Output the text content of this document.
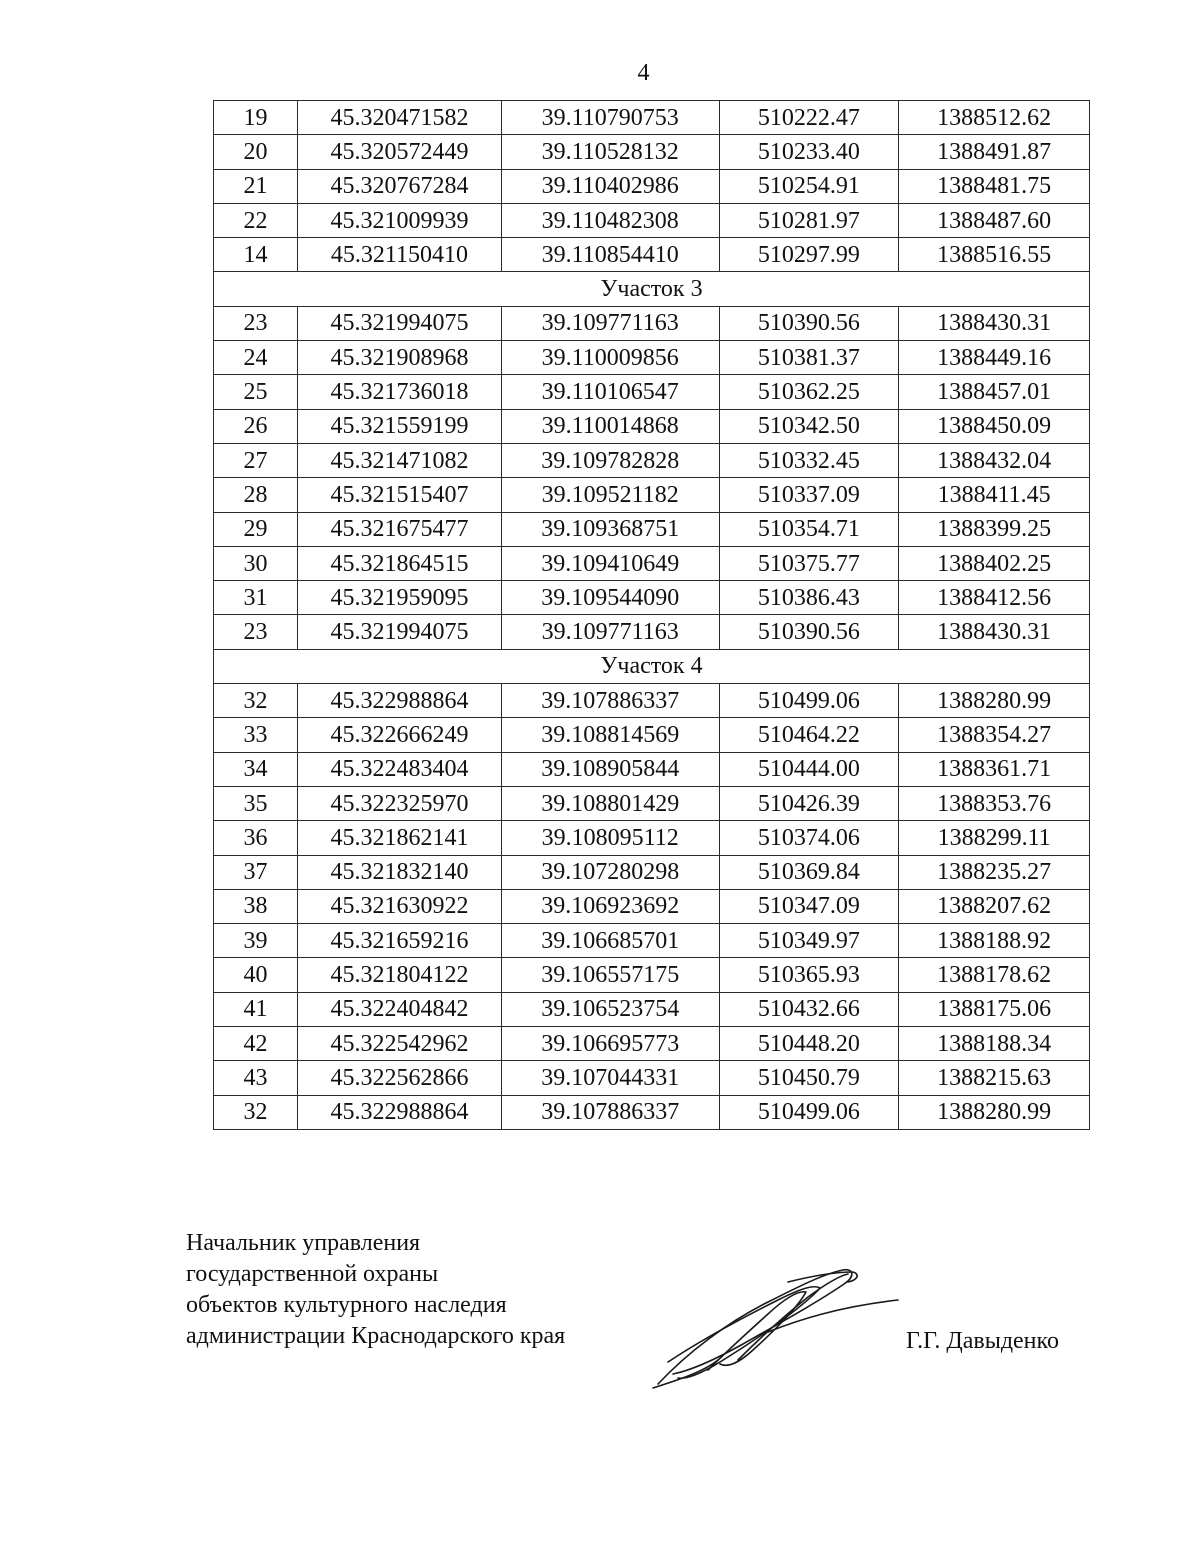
4
19	45.320471582	39.110790753	510222.47	1388512.62
20	45.320572449	39.110528132	510233.40	1388491.87
21	45.320767284	39.110402986	510254.91	1388481.75
22	45.321009939	39.110482308	510281.97	1388487.60
14	45.321150410	39.110854410	510297.99	1388516.55
Участок 3				
23	45.321994075	39.109771163	510390.56	1388430.31
24	45.321908968	39.110009856	510381.37	1388449.16
25	45.321736018	39.110106547	510362.25	1388457.01
26	45.321559199	39.110014868	510342.50	1388450.09
27	45.321471082	39.109782828	510332.45	1388432.04
28	45.321515407	39.109521182	510337.09	1388411.45
29	45.321675477	39.109368751	510354.71	1388399.25
30	45.321864515	39.109410649	510375.77	1388402.25
31	45.321959095	39.109544090	510386.43	1388412.56
23	45.321994075	39.109771163	510390.56	1388430.31
Участок 4				
32	45.322988864	39.107886337	510499.06	1388280.99
33	45.322666249	39.108814569	510464.22	1388354.27
34	45.322483404	39.108905844	510444.00	1388361.71
35	45.322325970	39.108801429	510426.39	1388353.76
36	45.321862141	39.108095112	510374.06	1388299.11
37	45.321832140	39.107280298	510369.84	1388235.27
38	45.321630922	39.106923692	510347.09	1388207.62
39	45.321659216	39.106685701	510349.97	1388188.92
40	45.321804122	39.106557175	510365.93	1388178.62
41	45.322404842	39.106523754	510432.66	1388175.06
42	45.322542962	39.106695773	510448.20	1388188.34
43	45.322562866	39.107044331	510450.79	1388215.63
32	45.322988864	39.107886337	510499.06	1388280.99
Начальник управления
государственной охраны
объектов культурного наследия
администрации Краснодарского края	Г.Г. Давыденко
